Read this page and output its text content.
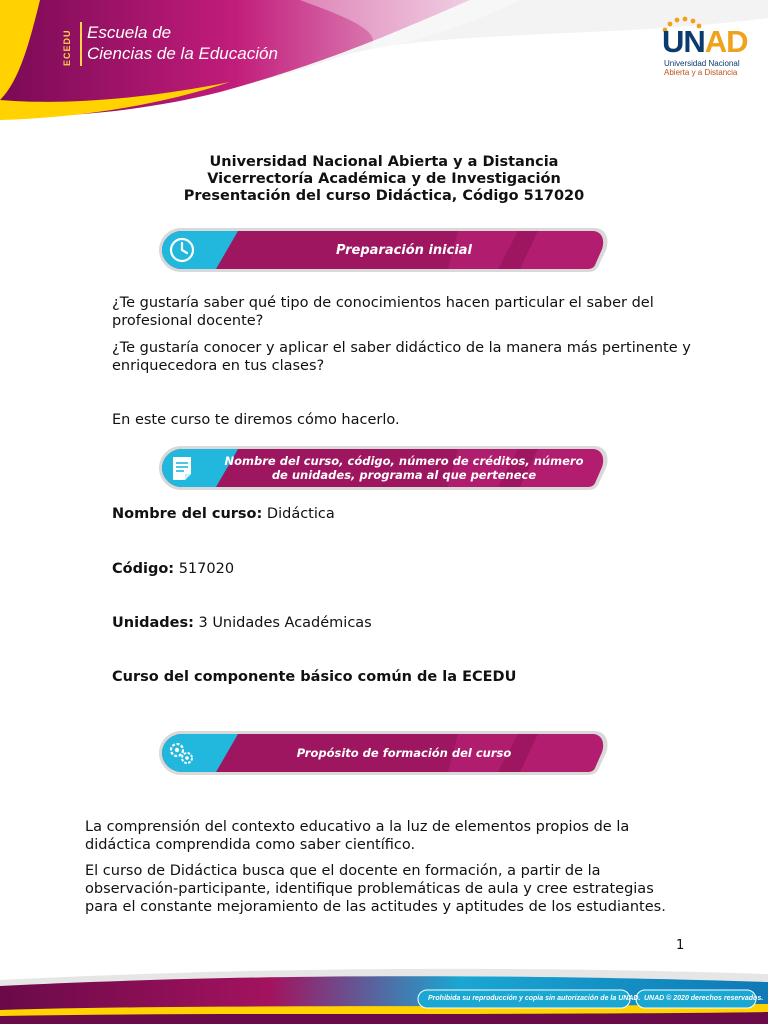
ECEDU Escuela de
Ciencias de la Educación	UNAD
Universidad Nacional
Abierta y a Distancia
Universidad Nacional Abierta y a Distancia
Vicerrectoría Académica y de Investigación
Presentación del curso Didáctica, Código 517020
Preparación inicial
¿Te gustaría saber qué tipo de conocimientos hacen particular el saber del profesional docente?
¿Te gustaría conocer y aplicar el saber didáctico de la manera más pertinente y enriquecedora en tus clases?
En este curso te diremos cómo hacerlo.
Nombre del curso, código, número de créditos, número
de unidades, programa al que pertenece
Nombre del curso: Didáctica
Código: 517020
Unidades: 3 Unidades Académicas
Curso del componente básico común de la ECEDU
Propósito de formación del curso
La comprensión del contexto educativo a la luz de elementos propios de la didáctica comprendida como saber científico.
El curso de Didáctica busca que el docente en formación, a partir de la observación-participante, identifique problemáticas de aula y cree estrategias para el constante mejoramiento de las actitudes y aptitudes de los estudiantes.
1
Prohibida su reproducción y copia sin autorización de la UNAD. UNAD © 2020 derechos reservados.
